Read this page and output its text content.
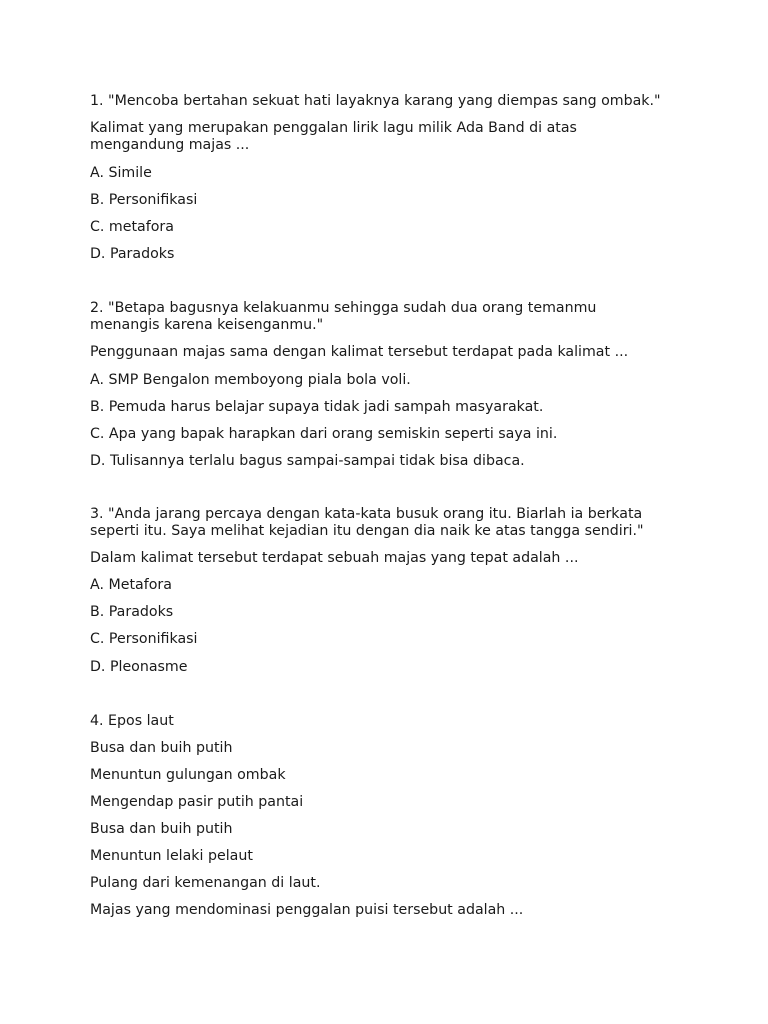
1. "Mencoba bertahan sekuat hati layaknya karang yang diempas sang ombak."

Kalimat yang merupakan penggalan lirik lagu milik Ada Band di atas
mengandung majas ...

A. Simile

B. Personifikasi

C. metafora

D. Paradoks

2. "Betapa bagusnya kelakuanmu sehingga sudah dua orang temanmu
menangis karena keisenganmu."

Penggunaan majas sama dengan kalimat tersebut terdapat pada kalimat ...

A. SMP Bengalon memboyong piala bola voli.

B. Pemuda harus belajar supaya tidak jadi sampah masyarakat.

C. Apa yang bapak harapkan dari orang semiskin seperti saya ini.

D. Tulisannya terlalu bagus sampai-sampai tidak bisa dibaca.

3. "Anda jarang percaya dengan kata-kata busuk orang itu. Biarlah ia berkata
seperti itu. Saya melihat kejadian itu dengan dia naik ke atas tangga sendiri."

Dalam kalimat tersebut terdapat sebuah majas yang tepat adalah ...

A. Metafora

B. Paradoks

C. Personifikasi

D. Pleonasme

4. Epos laut

Busa dan buih putih

Menuntun gulungan ombak

Mengendap pasir putih pantai

Busa dan buih putih

Menuntun lelaki pelaut

Pulang dari kemenangan di laut.

Majas yang mendominasi penggalan puisi tersebut adalah ...
